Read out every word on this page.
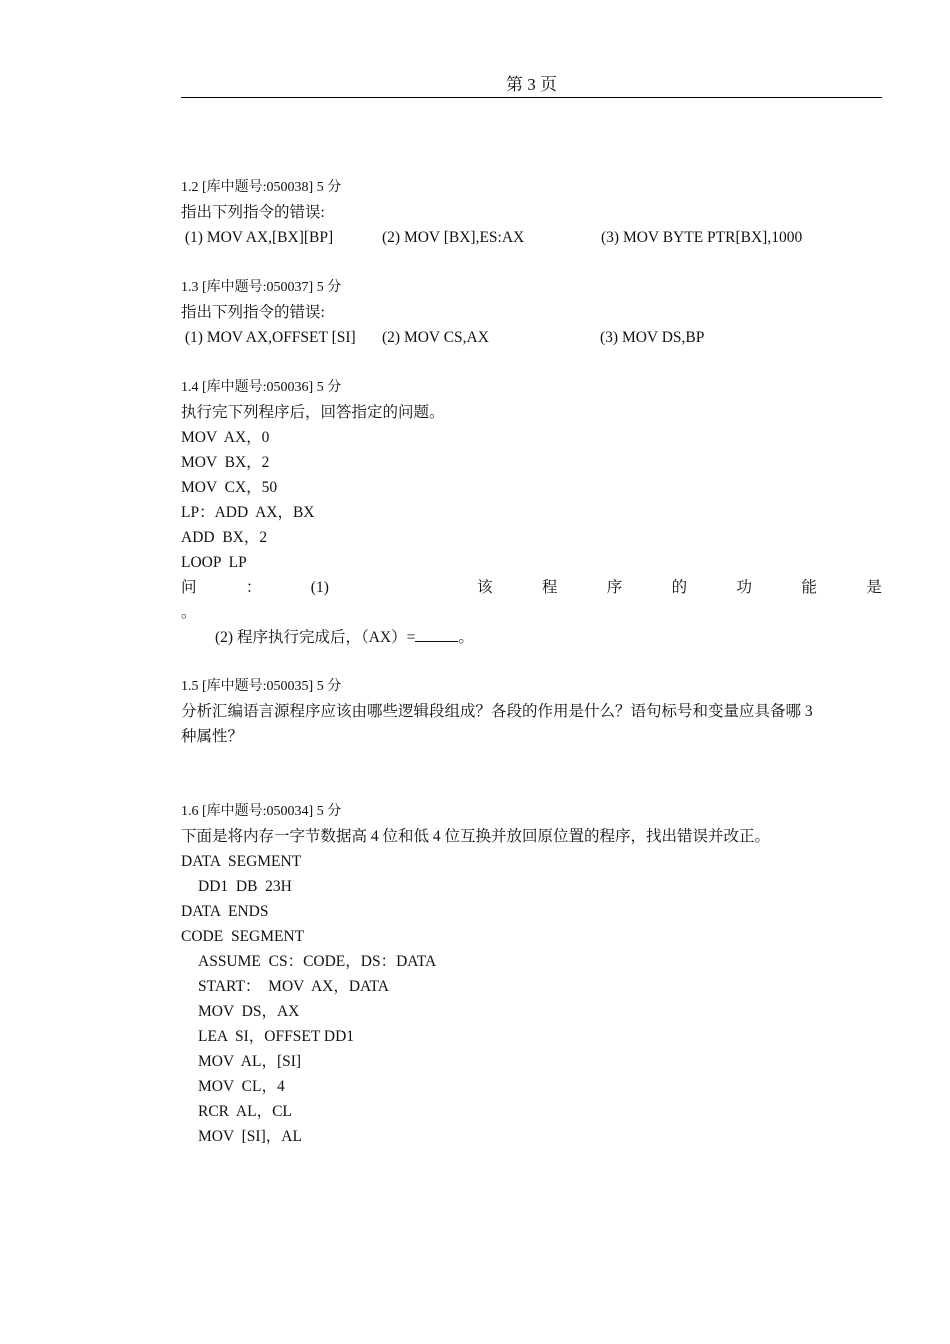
第 3 页
1.2 [库中题号:050038] 5 分
指出下列指令的错误:
(1) MOV AX,[BX][BP]	(2) MOV [BX],ES:AX	(3) MOV BYTE PTR[BX],1000
1.3 [库中题号:050037] 5 分
指出下列指令的错误:
(1) MOV AX,OFFSET [SI]	(2) MOV CS,AX	(3) MOV DS,BP
1.4 [库中题号:050036] 5 分
执行完下列程序后，回答指定的问题。
MOV  AX，0
MOV  BX，2
MOV  CX，50
LP：ADD  AX，BX
ADD  BX，2
LOOP  LP
问	：	(1)	该	程	序	的	功	能	是
。
(2) 程序执行完成后，（AX）=	。
1.5 [库中题号:050035] 5 分
分析汇编语言源程序应该由哪些逻辑段组成？各段的作用是什么？语句标号和变量应具备哪 3
种属性？
1.6 [库中题号:050034] 5 分
下面是将内存一字节数据高 4 位和低 4 位互换并放回原位置的程序，找出错误并改正。
DATA  SEGMENT
DD1  DB  23H
DATA  ENDS
CODE  SEGMENT
ASSUME  CS：CODE，DS：DATA
START：  MOV  AX，DATA
MOV  DS，AX
LEA  SI，OFFSET DD1
MOV  AL，[SI]
MOV  CL，4
RCR  AL，CL
MOV  [SI]，AL
